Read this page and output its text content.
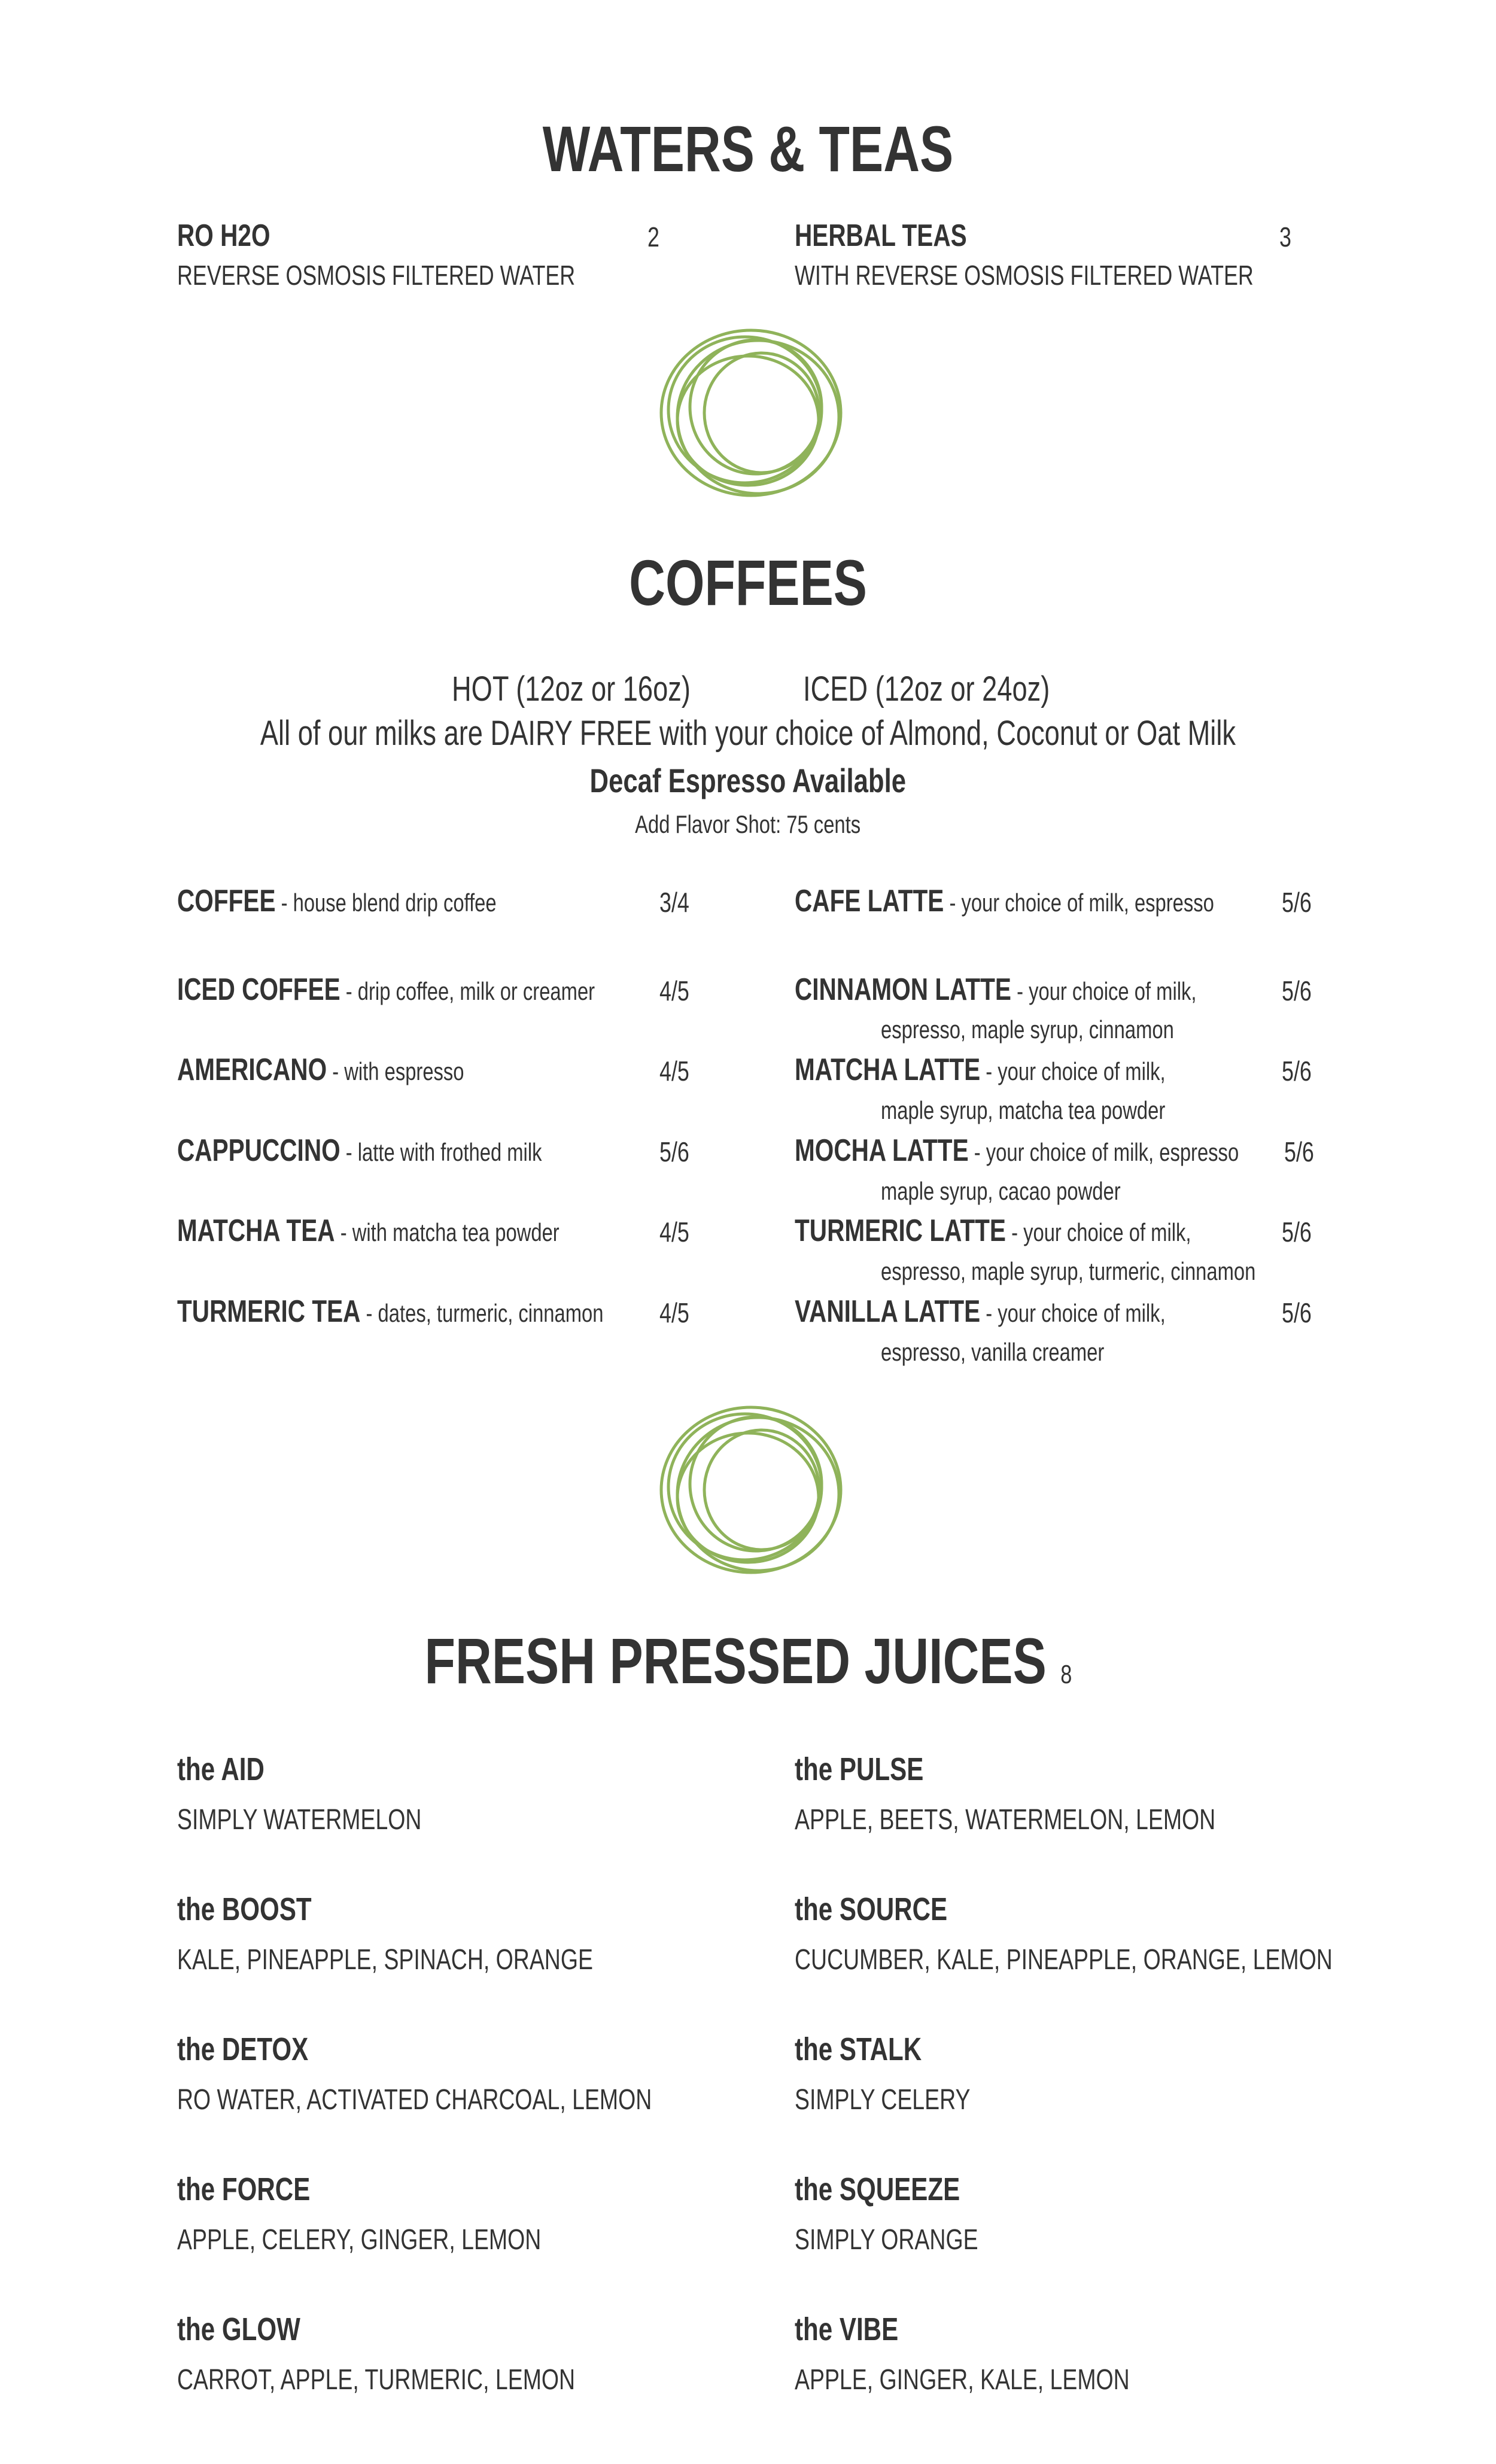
WATERS & TEAS
RO H2O	2
REVERSE OSMOSIS FILTERED WATER
HERBAL TEAS	3
WITH REVERSE OSMOSIS FILTERED WATER
COFFEES
HOT (12oz or 16oz)	ICED (12oz or 24oz)
All of our milks are DAIRY FREE with your choice of Almond, Coconut or Oat Milk
Decaf Espresso Available
Add Flavor Shot: 75 cents
COFFEE - house blend drip coffee	3/4
ICED COFFEE - drip coffee, milk or creamer	4/5
AMERICANO - with espresso	4/5
CAPPUCCINO - latte with frothed milk	5/6
MATCHA TEA - with matcha tea powder	4/5
TURMERIC TEA - dates, turmeric, cinnamon	4/5
CAFE LATTE - your choice of milk, espresso	5/6
CINNAMON LATTE - your choice of milk,	5/6
espresso, maple syrup, cinnamon
MATCHA LATTE - your choice of milk,	5/6
maple syrup, matcha tea powder
MOCHA LATTE - your choice of milk, espresso	5/6
maple syrup, cacao powder
TURMERIC LATTE - your choice of milk,	5/6
espresso, maple syrup, turmeric, cinnamon
VANILLA LATTE - your choice of milk,	5/6
espresso, vanilla creamer
FRESH PRESSED JUICES 8
the AID
SIMPLY WATERMELON
the BOOST
KALE, PINEAPPLE, SPINACH, ORANGE
the DETOX
RO WATER, ACTIVATED CHARCOAL, LEMON
the FORCE
APPLE, CELERY, GINGER, LEMON
the GLOW
CARROT, APPLE, TURMERIC, LEMON
the PULSE
APPLE, BEETS, WATERMELON, LEMON
the SOURCE
CUCUMBER, KALE, PINEAPPLE, ORANGE, LEMON
the STALK
SIMPLY CELERY
the SQUEEZE
SIMPLY ORANGE
the VIBE
APPLE, GINGER, KALE, LEMON
